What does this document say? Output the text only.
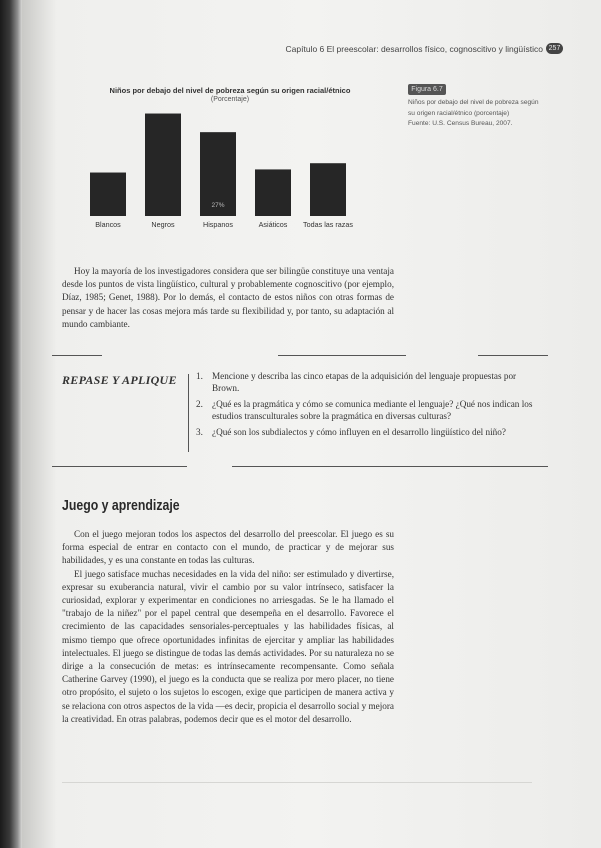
Capítulo 6 El preescolar: desarrollos físico, cognoscitivo y lingüístico 257
Niños por debajo del nivel de pobreza según su origen racial/étnico
(Porcentaje)
Blancos	Negros	Hispanos
27%
Asiáticos Todas las razas
Figura 6.7
Niños por debajo del nivel de pobreza según
su origen racial/étnico (porcentaje)
Fuente: U.S. Census Bureau, 2007.

Hoy la mayoría de los investigadores considera que ser bilingüe constituye una ventaja desde los puntos de vista lingüístico, cultural y probablemente cognoscitivo (por ejemplo, Díaz, 1985; Genet, 1988). Por lo demás, el contacto de estos niños con otras formas de pensar y de hacer las cosas mejora más tarde su flexibilidad y, por tanto, su adaptación al mundo cambiante.

REPASE Y APLIQUE 1. Mencione y describa las cinco etapas de la adquisición del lenguaje propuestas por Brown.
2. ¿Qué es la pragmática y cómo se comunica mediante el lenguaje? ¿Qué nos indican los estudios transculturales sobre la pragmática en diversas culturas?
3. ¿Qué son los subdialectos y cómo influyen en el desarrollo lingüístico del niño?
Juego y aprendizaje

Con el juego mejoran todos los aspectos del desarrollo del preescolar. El juego es su forma especial de entrar en contacto con el mundo, de practicar y de mejorar sus habilidades, y es una constante en todas las culturas.

El juego satisface muchas necesidades en la vida del niño: ser estimulado y divertirse, expresar su exuberancia natural, vivir el cambio por su valor intrínseco, satisfacer la curiosidad, explorar y experimentar en condiciones no arriesgadas. Se le ha llamado el "trabajo de la niñez" por el papel central que desempeña en el desarrollo. Favorece el crecimiento de las capacidades sensoriales-perceptuales y las habilidades físicas, al mismo tiempo que ofrece oportunidades infinitas de ejercitar y ampliar las habilidades intelectuales. El juego se distingue de todas las demás actividades. Por su naturaleza no se dirige a la consecución de metas: es intrínsecamente recompensante. Como señala Catherine Garvey (1990), el juego es la conducta que se realiza por mero placer, no tiene otro propósito, el sujeto o los sujetos lo escogen, exige que participen de manera activa y se relaciona con otros aspectos de la vida —es decir, propicia el desarrollo social y mejora la creatividad. En otras palabras, podemos decir que es el motor del desarrollo.
